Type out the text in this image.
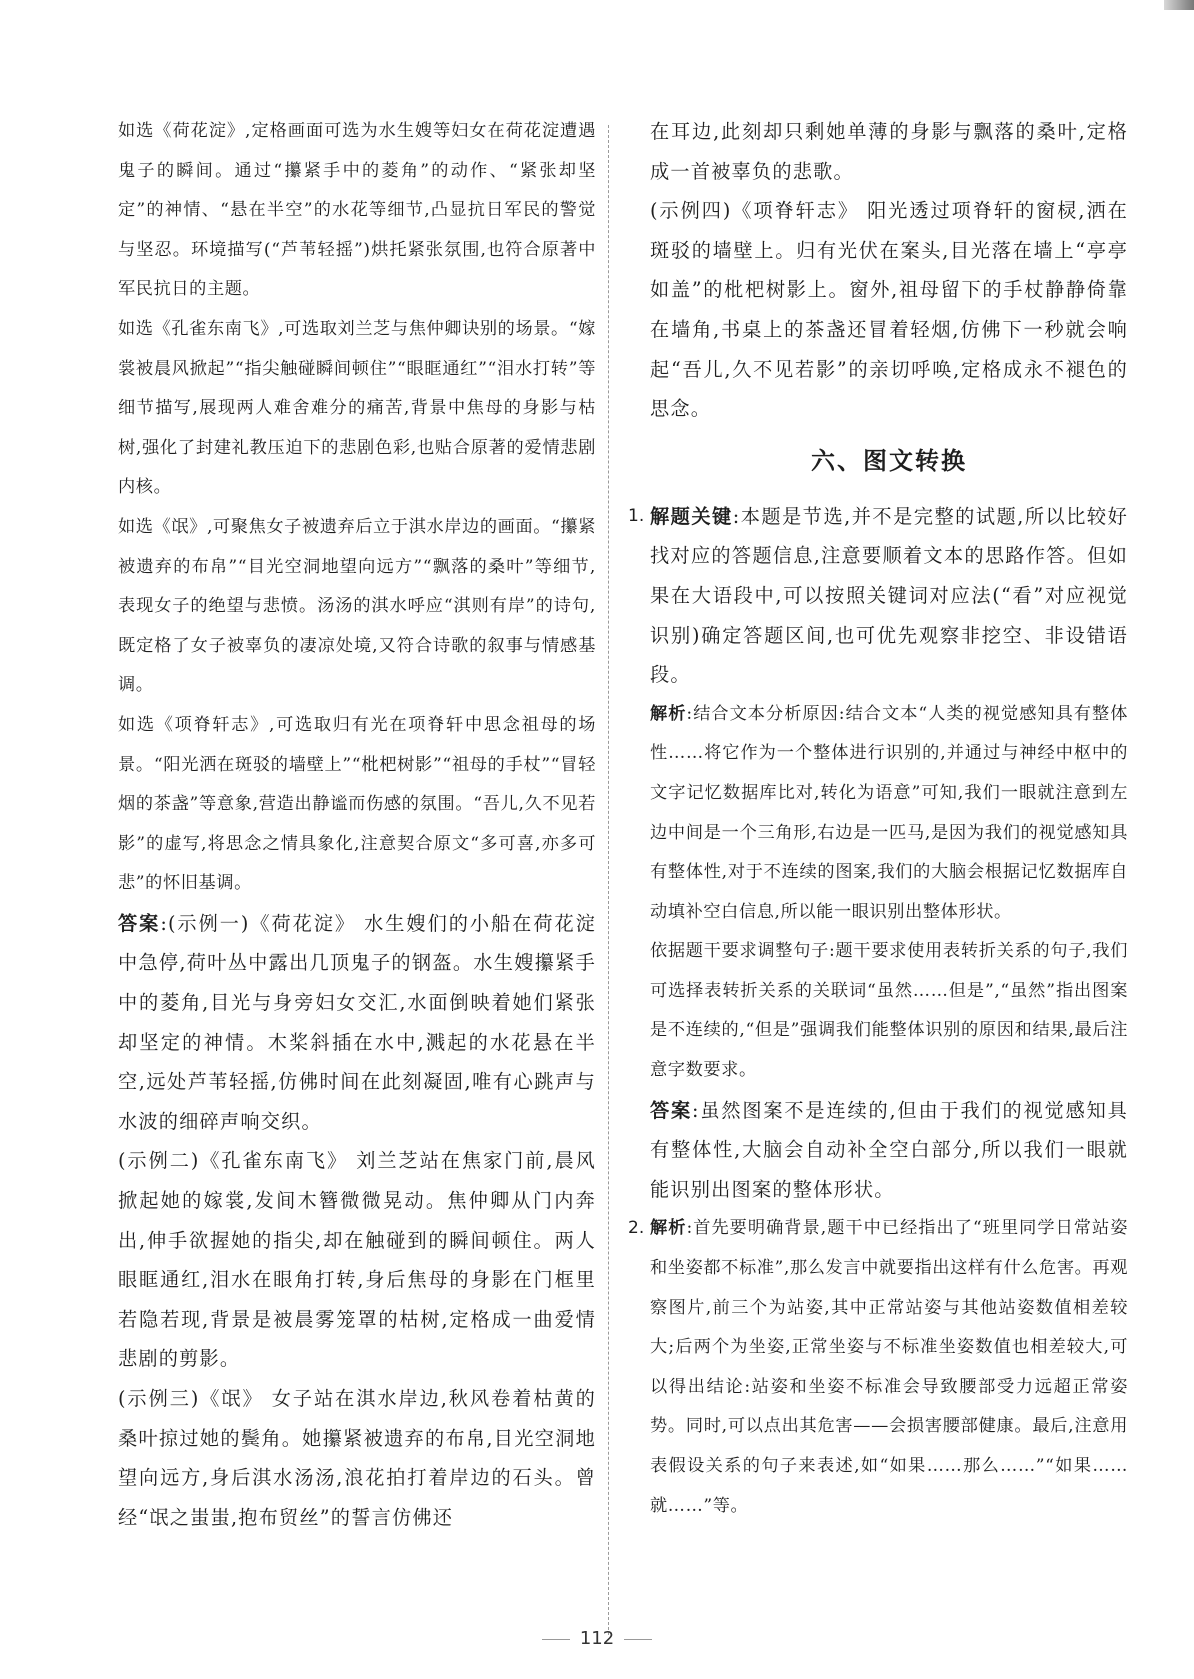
如选《荷花淀》,定格画面可选为水生嫂等妇女在荷花淀遭遇鬼子的瞬间。通过“攥紧手中的菱角”的动作、“紧张却坚定”的神情、“悬在半空”的水花等细节,凸显抗日军民的警觉与坚忍。环境描写(“芦苇轻摇”)烘托紧张氛围,也符合原著中军民抗日的主题。

如选《孔雀东南飞》,可选取刘兰芝与焦仲卿诀别的场景。“嫁裳被晨风掀起”“指尖触碰瞬间顿住”“眼眶通红”“泪水打转”等细节描写,展现两人难舍难分的痛苦,背景中焦母的身影与枯树,强化了封建礼教压迫下的悲剧色彩,也贴合原著的爱情悲剧内核。

如选《氓》,可聚焦女子被遗弃后立于淇水岸边的画面。“攥紧被遗弃的布帛”“目光空洞地望向远方”“飘落的桑叶”等细节,表现女子的绝望与悲愤。汤汤的淇水呼应“淇则有岸”的诗句,既定格了女子被辜负的凄凉处境,又符合诗歌的叙事与情感基调。

如选《项脊轩志》,可选取归有光在项脊轩中思念祖母的场景。“阳光洒在斑驳的墙壁上”“枇杷树影”“祖母的手杖”“冒轻烟的茶盏”等意象,营造出静谧而伤感的氛围。“吾儿,久不见若影”的虚写,将思念之情具象化,注意契合原文“多可喜,亦多可悲”的怀旧基调。

答案:(示例一)《荷花淀》 水生嫂们的小船在荷花淀中急停,荷叶丛中露出几顶鬼子的钢盔。水生嫂攥紧手中的菱角,目光与身旁妇女交汇,水面倒映着她们紧张却坚定的神情。木桨斜插在水中,溅起的水花悬在半空,远处芦苇轻摇,仿佛时间在此刻凝固,唯有心跳声与水波的细碎声响交织。

(示例二)《孔雀东南飞》 刘兰芝站在焦家门前,晨风掀起她的嫁裳,发间木簪微微晃动。焦仲卿从门内奔出,伸手欲握她的指尖,却在触碰到的瞬间顿住。两人眼眶通红,泪水在眼角打转,身后焦母的身影在门框里若隐若现,背景是被晨雾笼罩的枯树,定格成一曲爱情悲剧的剪影。

(示例三)《氓》 女子站在淇水岸边,秋风卷着枯黄的桑叶掠过她的鬓角。她攥紧被遗弃的布帛,目光空洞地望向远方,身后淇水汤汤,浪花拍打着岸边的石头。曾经“氓之蚩蚩,抱布贸丝”的誓言仿佛还

在耳边,此刻却只剩她单薄的身影与飘落的桑叶,定格成一首被辜负的悲歌。

(示例四)《项脊轩志》 阳光透过项脊轩的窗棂,洒在斑驳的墙壁上。归有光伏在案头,目光落在墙上“亭亭如盖”的枇杷树影上。窗外,祖母留下的手杖静静倚靠在墙角,书桌上的茶盏还冒着轻烟,仿佛下一秒就会响起“吾儿,久不见若影”的亲切呼唤,定格成永不褪色的思念。

六、图文转换
1. 解题关键:本题是节选,并不是完整的试题,所以比较好找对应的答题信息,注意要顺着文本的思路作答。但如果在大语段中,可以按照关键词对应法(“看”对应视觉识别)确定答题区间,也可优先观察非挖空、非设错语段。

解析:结合文本分析原因:结合文本“人类的视觉感知具有整体性……将它作为一个整体进行识别的,并通过与神经中枢中的文字记忆数据库比对,转化为语意”可知,我们一眼就注意到左边中间是一个三角形,右边是一匹马,是因为我们的视觉感知具有整体性,对于不连续的图案,我们的大脑会根据记忆数据库自动填补空白信息,所以能一眼识别出整体形状。

依据题干要求调整句子:题干要求使用表转折关系的句子,我们可选择表转折关系的关联词“虽然……但是”,“虽然”指出图案是不连续的,“但是”强调我们能整体识别的原因和结果,最后注意字数要求。

答案:虽然图案不是连续的,但由于我们的视觉感知具有整体性,大脑会自动补全空白部分,所以我们一眼就能识别出图案的整体形状。

2. 解析:首先要明确背景,题干中已经指出了“班里同学日常站姿和坐姿都不标准”,那么发言中就要指出这样有什么危害。再观察图片,前三个为站姿,其中正常站姿与其他站姿数值相差较大;后两个为坐姿,正常坐姿与不标准坐姿数值也相差较大,可以得出结论:站姿和坐姿不标准会导致腰部受力远超正常姿势。同时,可以点出其危害——会损害腰部健康。最后,注意用表假设关系的句子来表述,如“如果……那么……”“如果……就……”等。

112
